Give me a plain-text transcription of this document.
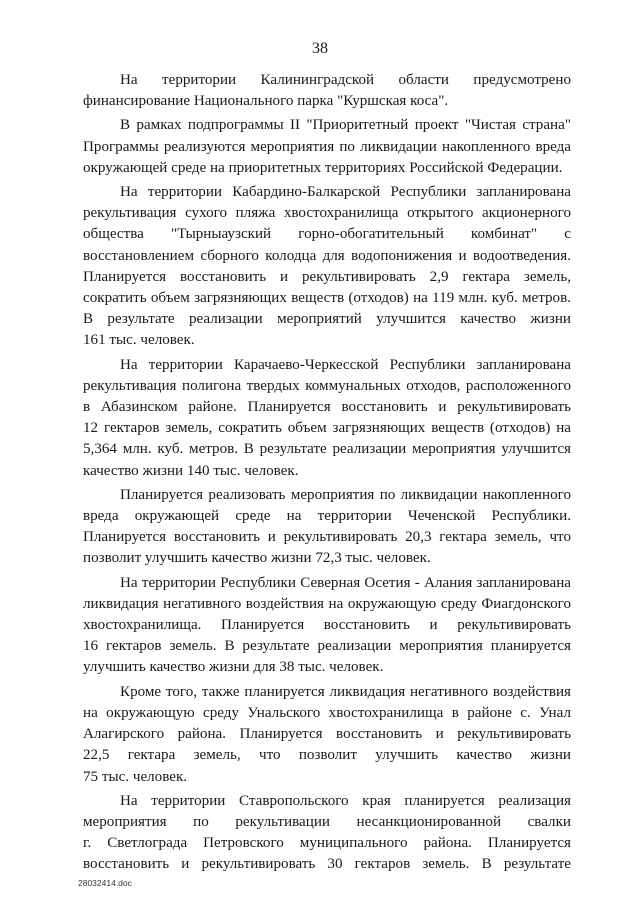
38
На территории Калининградской области предусмотрено
финансирование Национального парка "Куршская коса".
В рамках подпрограммы II "Приоритетный проект "Чистая страна"
Программы реализуются мероприятия по ликвидации накопленного вреда
окружающей среде на приоритетных территориях Российской Федерации.
На территории Кабардино-Балкарской Республики запланирована
рекультивация сухого пляжа хвостохранилища открытого акционерного
общества "Тырныаузский горно-обогатительный комбинат" с
восстановлением сборного колодца для водопонижения и водоотведения.
Планируется восстановить и рекультивировать 2,9 гектара земель,
сократить объем загрязняющих веществ (отходов) на 119 млн. куб. метров.
В результате реализации мероприятий улучшится качество жизни
161 тыс. человек.
На территории Карачаево-Черкесской Республики запланирована
рекультивация полигона твердых коммунальных отходов, расположенного
в Абазинском районе. Планируется восстановить и рекультивировать
12 гектаров земель, сократить объем загрязняющих веществ (отходов) на
5,364 млн. куб. метров. В результате реализации мероприятия улучшится
качество жизни 140 тыс. человек.
Планируется реализовать мероприятия по ликвидации накопленного
вреда окружающей среде на территории Чеченской Республики.
Планируется восстановить и рекультивировать 20,3 гектара земель, что
позволит улучшить качество жизни 72,3 тыс. человек.
На территории Республики Северная Осетия - Алания запланирована
ликвидация негативного воздействия на окружающую среду Фиагдонского
хвостохранилища. Планируется восстановить и рекультивировать
16 гектаров земель. В результате реализации мероприятия планируется
улучшить качество жизни для 38 тыс. человек.
Кроме того, также планируется ликвидация негативного воздействия
на окружающую среду Унальского хвостохранилища в районе с. Унал
Алагирского района. Планируется восстановить и рекультивировать
22,5 гектара земель, что позволит улучшить качество жизни
75 тыс. человек.
На территории Ставропольского края планируется реализация
мероприятия по рекультивации несанкционированной свалки
г. Светлограда Петровского муниципального района. Планируется
восстановить и рекультивировать 30 гектаров земель. В результате
28032414.doc
